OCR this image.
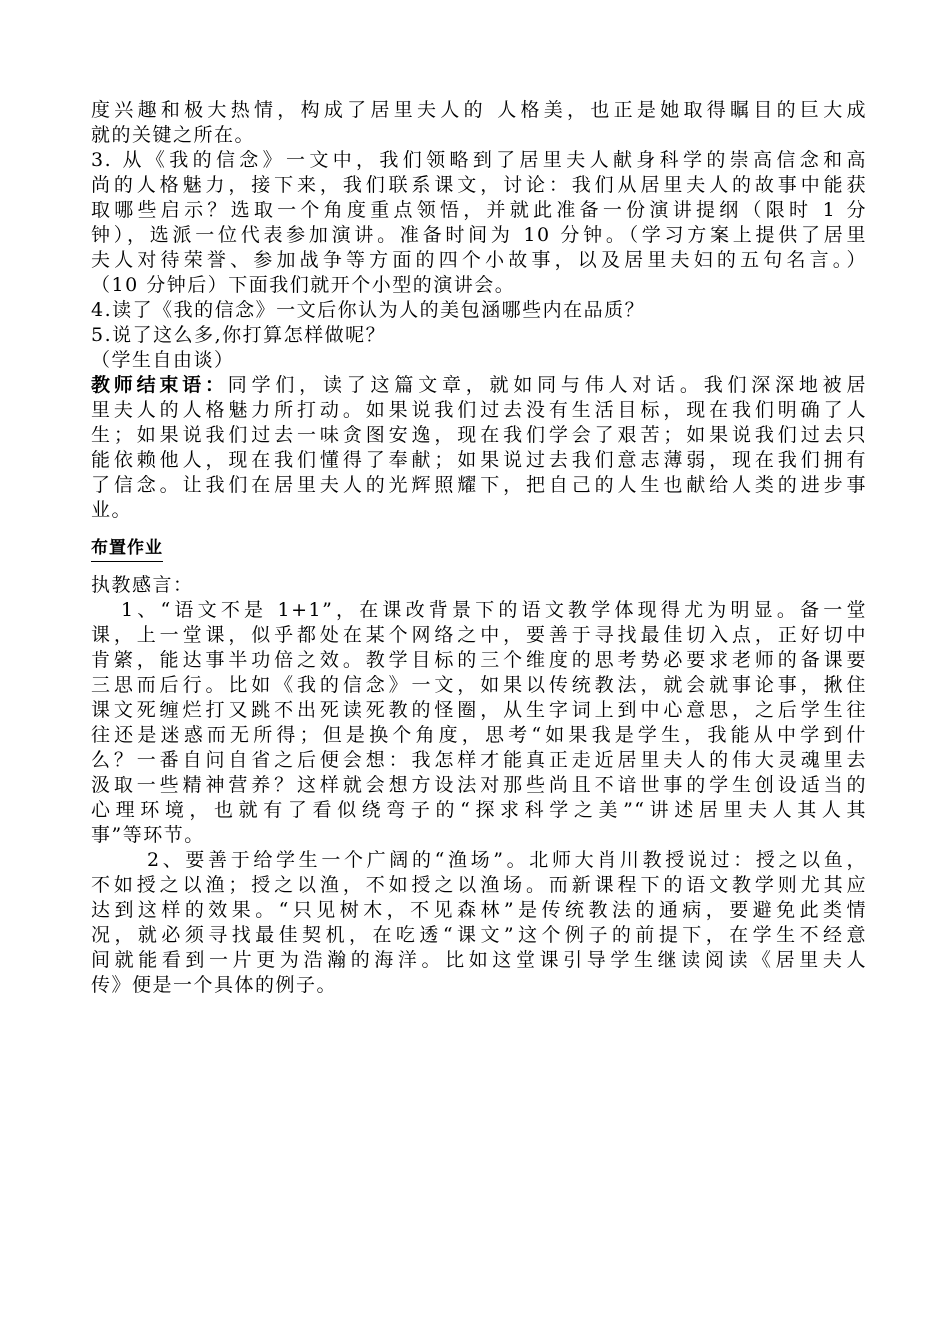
度兴趣和极大热情，构成了居里夫人的 人格美，也正是她取得瞩目的巨大成
就的关键之所在。
3. 从《我的信念》一文中，我们领略到了居里夫人献身科学的崇高信念和高
尚的人格魅力，接下来，我们联系课文，讨论：我们从居里夫人的故事中能获
取哪些启示？选取一个角度重点领悟，并就此准备一份演讲提纲（限时 1 分
钟），选派一位代表参加演讲。准备时间为 10 分钟。（学习方案上提供了居里
夫人对待荣誉、参加战争等方面的四个小故事，以及居里夫妇的五句名言。）
（10 分钟后）下面我们就开个小型的演讲会。
4.读了《我的信念》一文后你认为人的美包涵哪些内在品质？
5.说了这么多,你打算怎样做呢？
（学生自由谈）
教师结束语：同学们，读了这篇文章，就如同与伟人对话。我们深深地被居
里夫人的人格魅力所打动。如果说我们过去没有生活目标，现在我们明确了人
生；如果说我们过去一味贪图安逸，现在我们学会了艰苦；如果说我们过去只
能依赖他人，现在我们懂得了奉献；如果说过去我们意志薄弱，现在我们拥有
了信念。让我们在居里夫人的光辉照耀下，把自己的人生也献给人类的进步事
业。
布置作业
执教感言：
1、“语文不是 1+1”，在课改背景下的语文教学体现得尤为明显。备一堂
课，上一堂课，似乎都处在某个网络之中，要善于寻找最佳切入点，正好切中
肯綮，能达事半功倍之效。教学目标的三个维度的思考势必要求老师的备课要
三思而后行。比如《我的信念》一文，如果以传统教法，就会就事论事，揪住
课文死缠烂打又跳不出死读死教的怪圈，从生字词上到中心意思，之后学生往
往还是迷惑而无所得；但是换个角度，思考“如果我是学生，我能从中学到什
么？一番自问自省之后便会想：我怎样才能真正走近居里夫人的伟大灵魂里去
汲取一些精神营养？这样就会想方设法对那些尚且不谙世事的学生创设适当的
心理环境，也就有了看似绕弯子的“探求科学之美”“讲述居里夫人其人其
事”等环节。
2、要善于给学生一个广阔的“渔场”。北师大肖川教授说过：授之以鱼，
不如授之以渔；授之以渔，不如授之以渔场。而新课程下的语文教学则尤其应
达到这样的效果。“只见树木，不见森林”是传统教法的通病，要避免此类情
况，就必须寻找最佳契机，在吃透“课文”这个例子的前提下，在学生不经意
间就能看到一片更为浩瀚的海洋。比如这堂课引导学生继读阅读《居里夫人
传》便是一个具体的例子。
